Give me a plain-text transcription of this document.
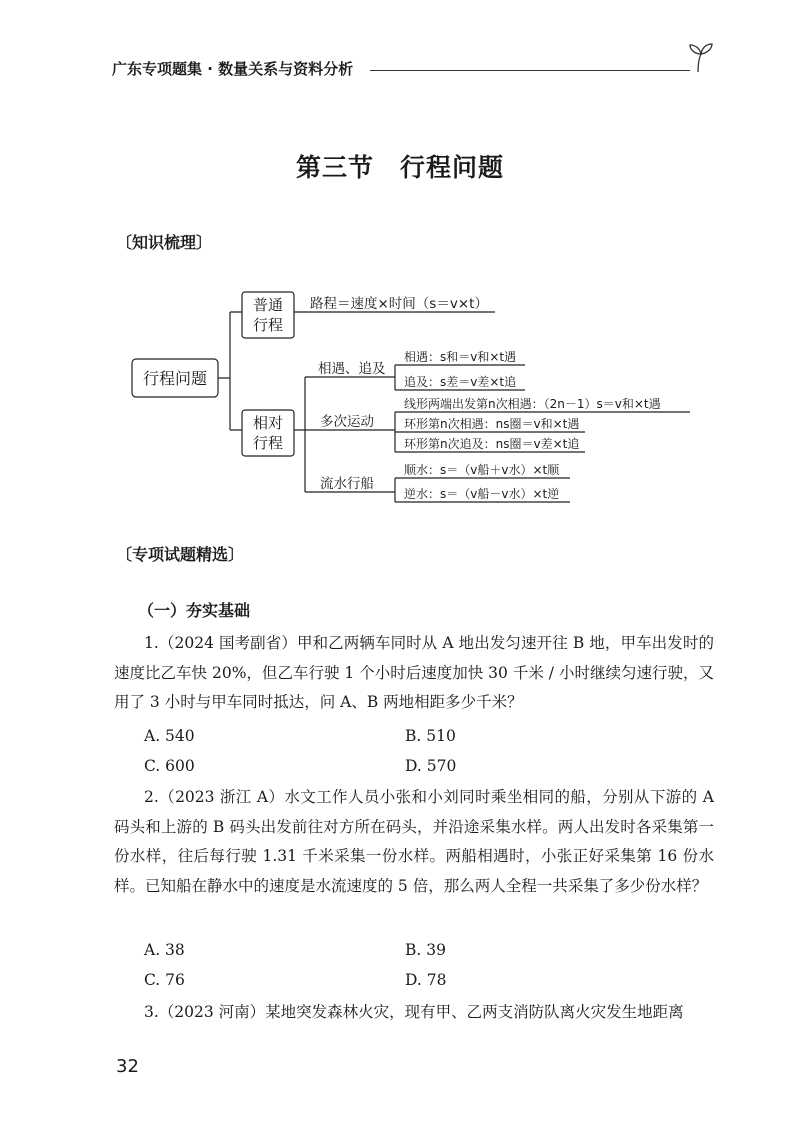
广东专项题集 · 数量关系与资料分析
第三节　行程问题
〔知识梳理〕
行程问题
普通
行程
相对
行程
路程＝速度×时间（s＝v×t）
相遇、追及
多次运动
流水行船
相遇：s和＝v和×t遇
追及：s差＝v差×t追
线形两端出发第n次相遇：（2n－1）s＝v和×t遇
环形第n次相遇：ns圈＝v和×t遇
环形第n次追及：ns圈＝v差×t追
顺水：s＝（v船＋v水）×t顺
逆水：s＝（v船－v水）×t逆
〔专项试题精选〕
（一）夯实基础
1.（2024 国考副省）甲和乙两辆车同时从 A 地出发匀速开往 B 地，甲车出发时的速度比乙车快 20%，但乙车行驶 1 个小时后速度加快 30 千米 / 小时继续匀速行驶，又用了 3 小时与甲车同时抵达，问 A、B 两地相距多少千米？
A. 540	B. 510
C. 600	D. 570
2.（2023 浙江 A）水文工作人员小张和小刘同时乘坐相同的船，分别从下游的 A 码头和上游的 B 码头出发前往对方所在码头，并沿途采集水样。两人出发时各采集第一份水样，往后每行驶 1.31 千米采集一份水样。两船相遇时，小张正好采集第 16 份水样。已知船在静水中的速度是水流速度的 5 倍，那么两人全程一共采集了多少份水样？
A. 38	B. 39
C. 76	D. 78
3.（2023 河南）某地突发森林火灾，现有甲、乙两支消防队离火灾发生地距离
32
